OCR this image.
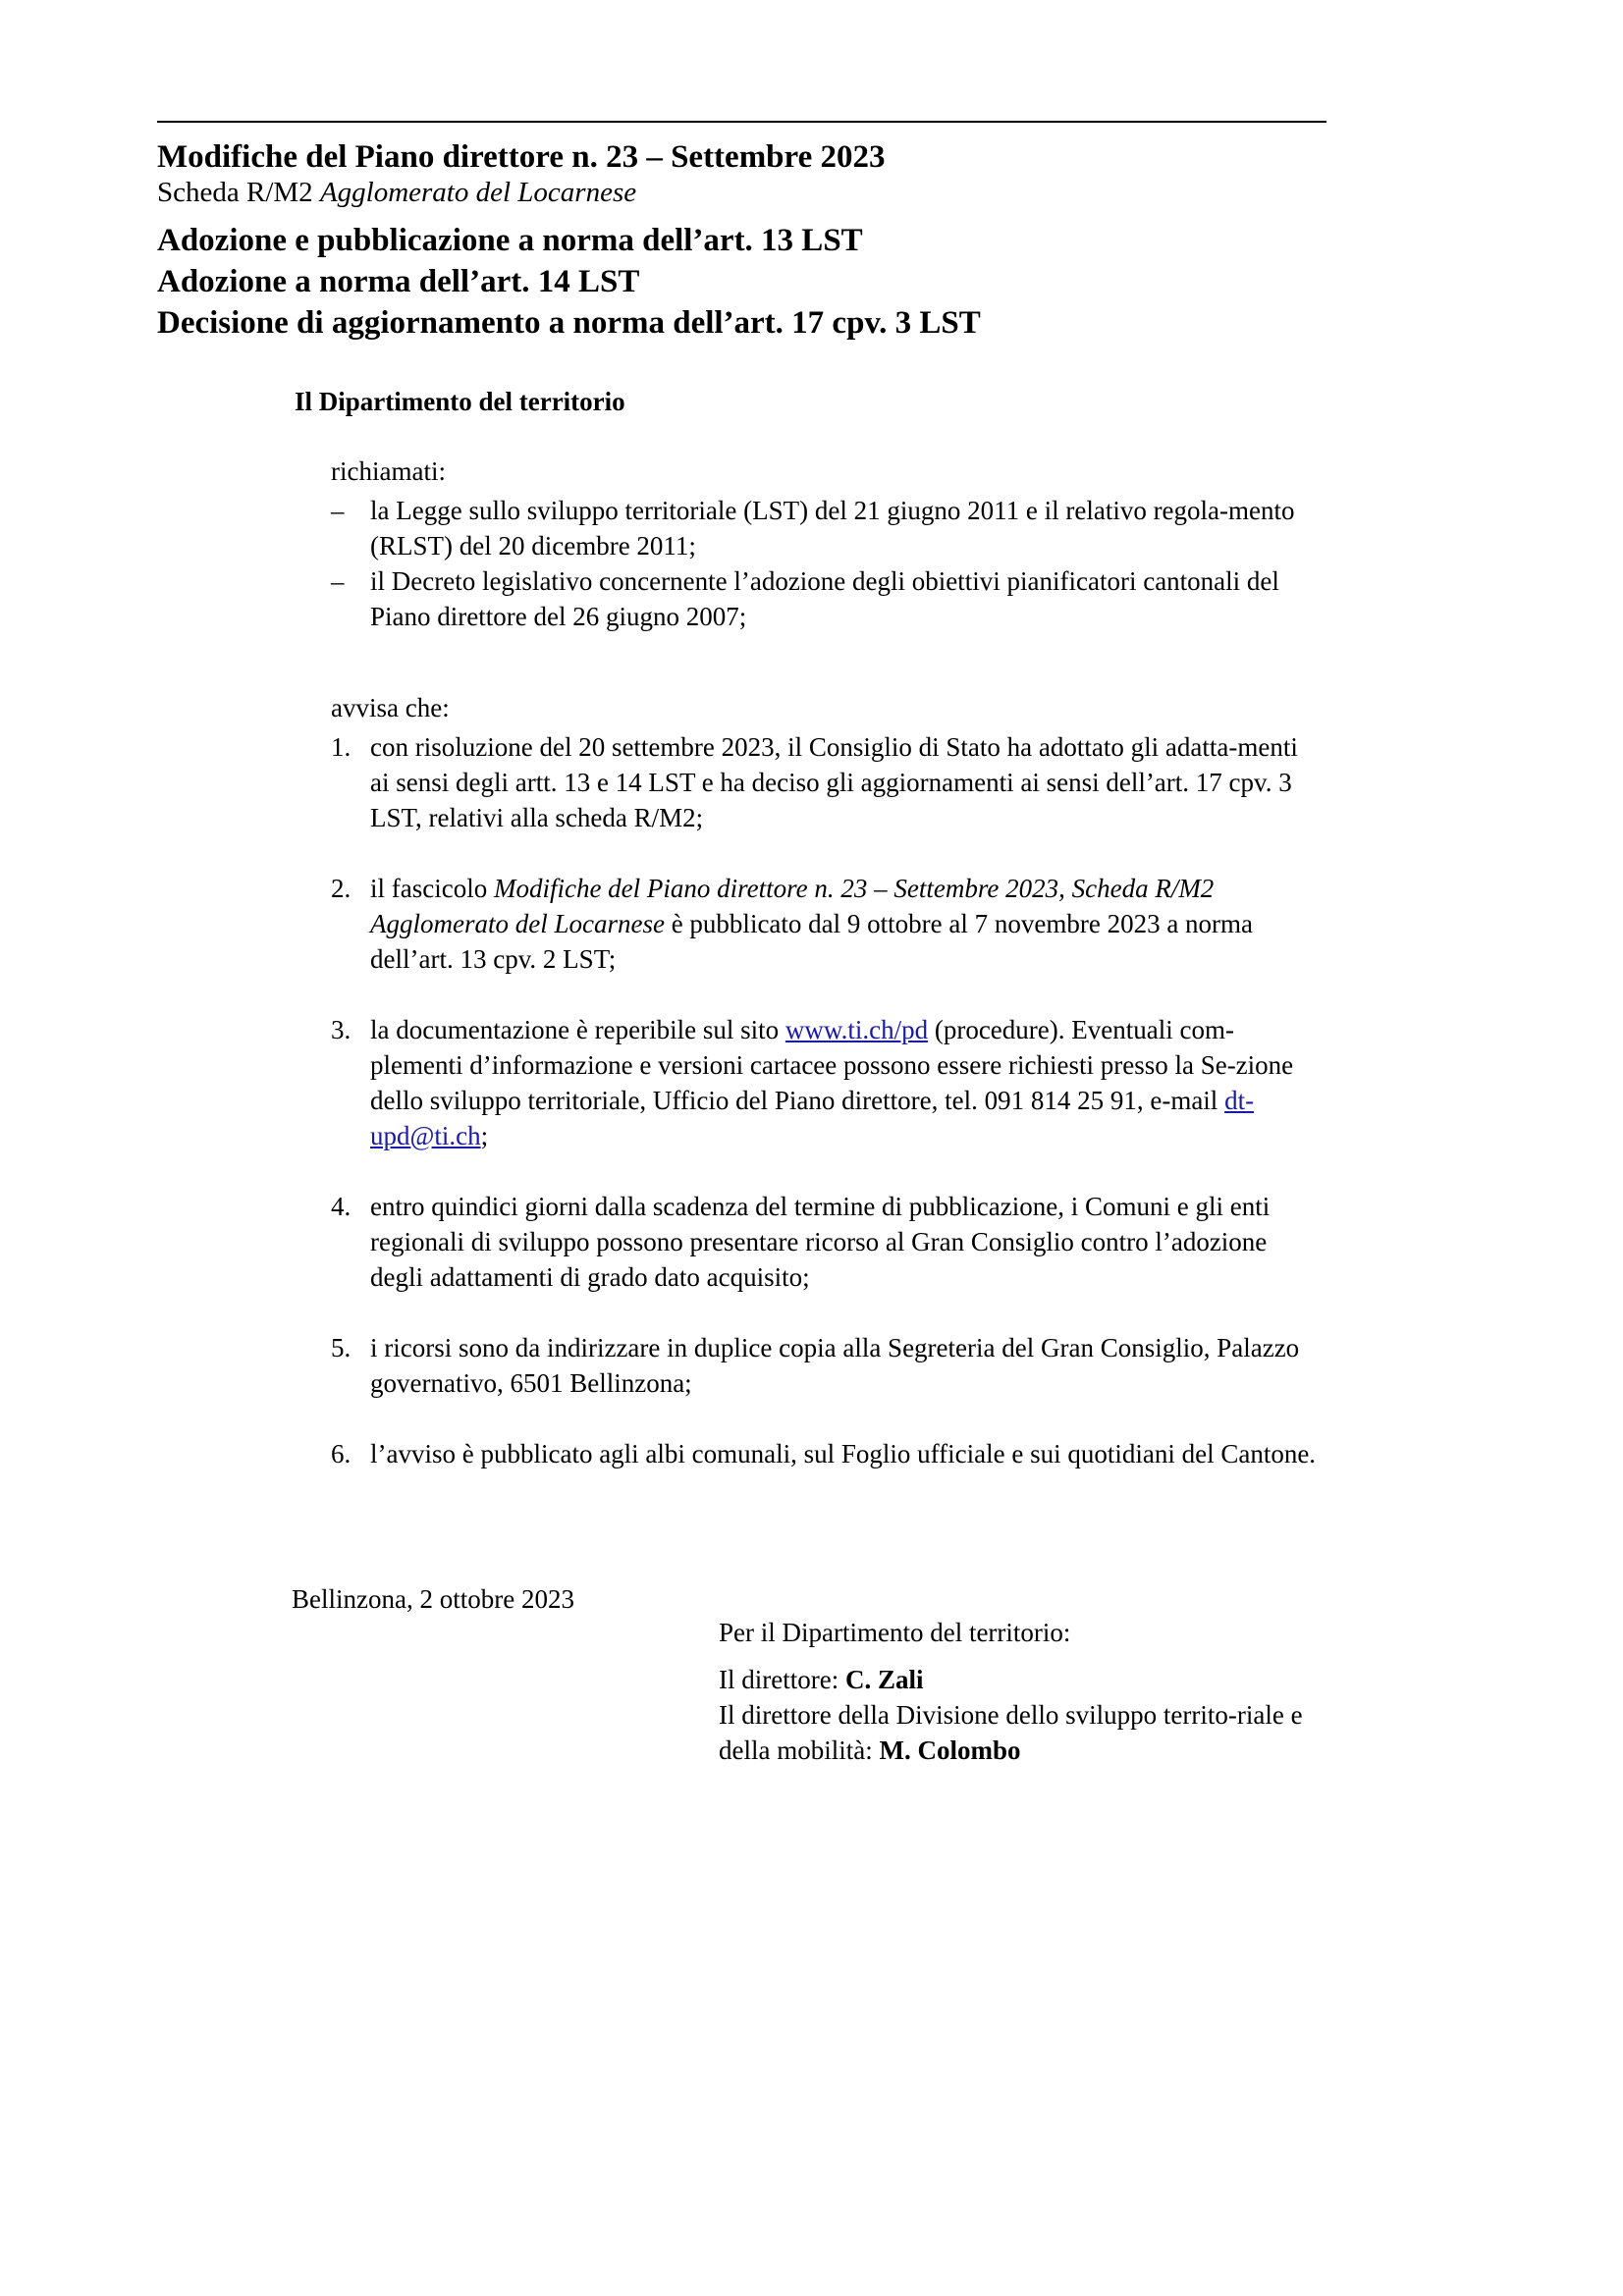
Modifiche del Piano direttore n. 23 – Settembre 2023
Scheda R/M2 Agglomerato del Locarnese
Adozione e pubblicazione a norma dell’art. 13 LST
Adozione a norma dell’art. 14 LST
Decisione di aggiornamento a norma dell’art. 17 cpv. 3 LST
Il Dipartimento del territorio

richiamati:

– la Legge sullo sviluppo territoriale (LST) del 21 giugno 2011 e il relativo regola-mento (RLST) del 20 dicembre 2011;
– il Decreto legislativo concernente l’adozione degli obiettivi pianificatori cantonali del Piano direttore del 26 giugno 2007;

avvisa che:

1. con risoluzione del 20 settembre 2023, il Consiglio di Stato ha adottato gli adatta-menti ai sensi degli artt. 13 e 14 LST e ha deciso gli aggiornamenti ai sensi dell’art. 17 cpv. 3 LST, relativi alla scheda R/M2;
2. il fascicolo Modifiche del Piano direttore n. 23 – Settembre 2023, Scheda R/M2 Agglomerato del Locarnese è pubblicato dal 9 ottobre al 7 novembre 2023 a norma dell’art. 13 cpv. 2 LST;
3. la documentazione è reperibile sul sito www.ti.ch/pd (procedure). Eventuali com-plementi d’informazione e versioni cartacee possono essere richiesti presso la Se-zione dello sviluppo territoriale, Ufficio del Piano direttore, tel. 091 814 25 91, e-mail dt-upd@ti.ch;
4. entro quindici giorni dalla scadenza del termine di pubblicazione, i Comuni e gli enti regionali di sviluppo possono presentare ricorso al Gran Consiglio contro l’adozione degli adattamenti di grado dato acquisito;
5. i ricorsi sono da indirizzare in duplice copia alla Segreteria del Gran Consiglio, Palazzo governativo, 6501 Bellinzona;
6. l’avviso è pubblicato agli albi comunali, sul Foglio ufficiale e sui quotidiani del Cantone.
Bellinzona, 2 ottobre 2023
Per il Dipartimento del territorio:
Il direttore: C. Zali
Il direttore della Divisione dello sviluppo territo-riale e della mobilità: M. Colombo
